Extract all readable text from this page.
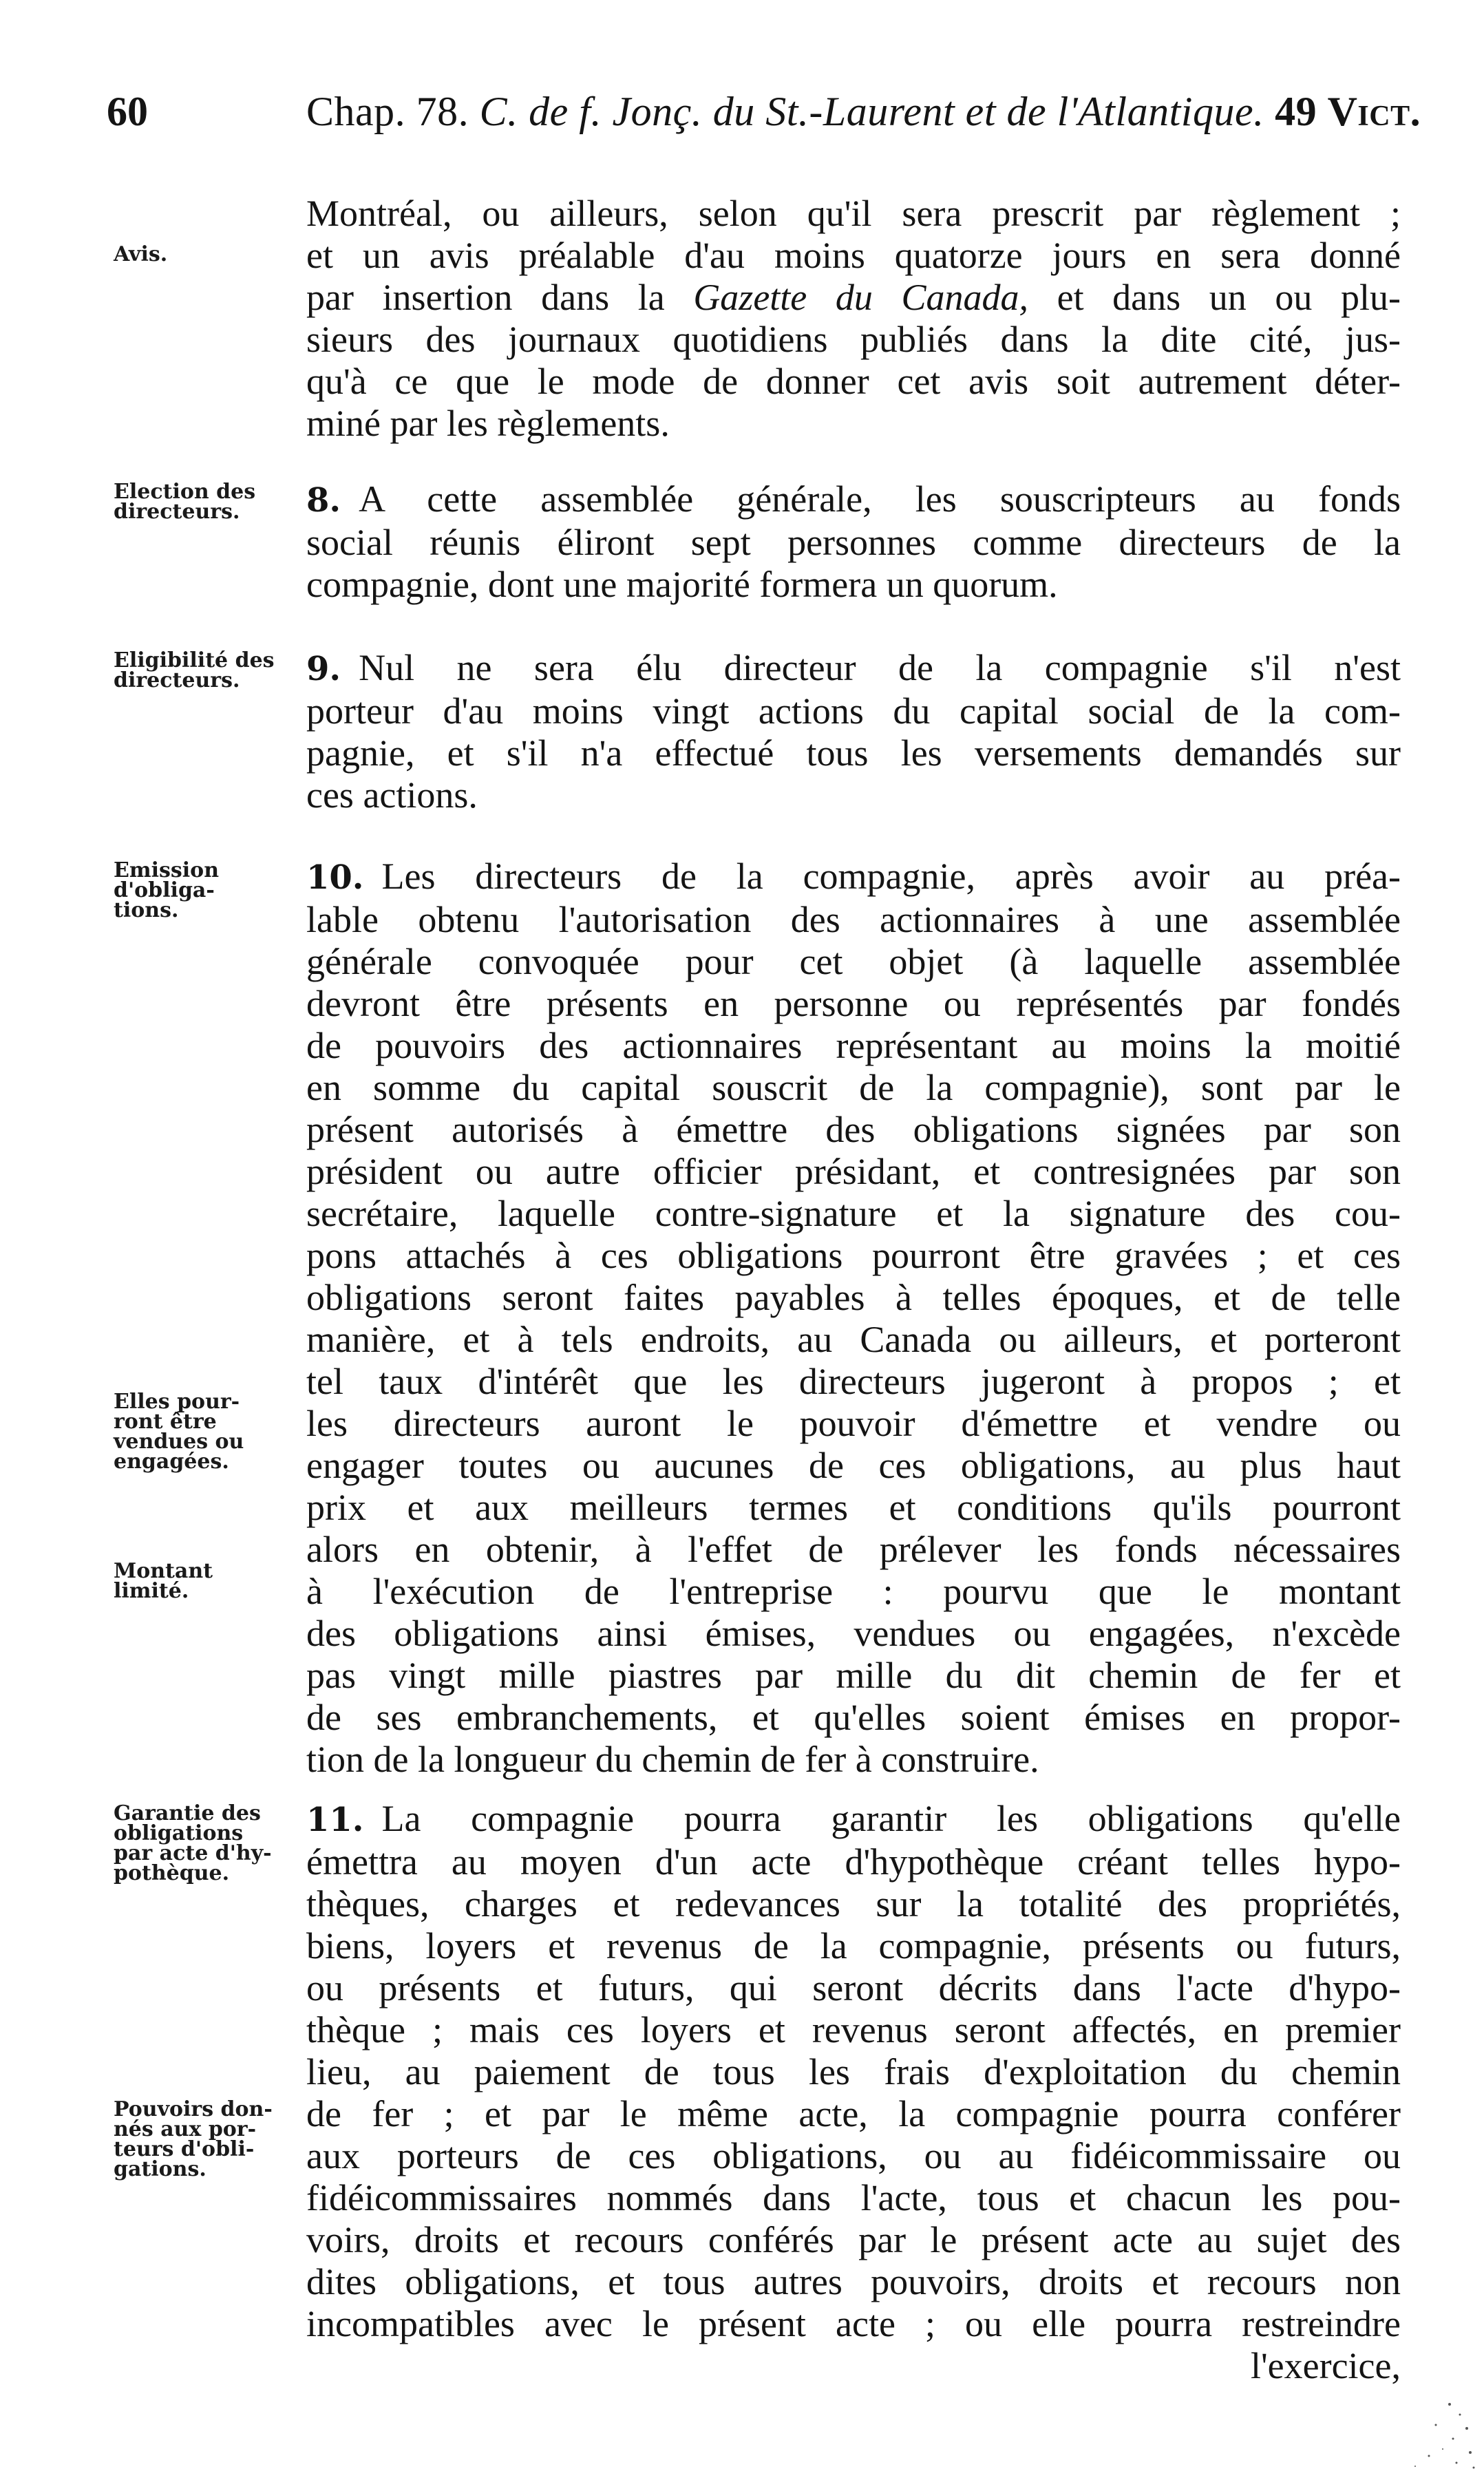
60	Chap. 78. C. de f. Jonç. du St.-Laurent et de l'Atlantique. 49 Vict.
Avis.
Election des
directeurs.
Eligibilité des
directeurs.
Emission
d'obliga-
tions.
Elles pour-
ront être
vendues ou
engagées.
Montant
limité.
Garantie des
obligations
par acte d'hy-
pothèque.
Pouvoirs don-
nés aux por-
teurs d'obli-
gations.

Montréal, ou ailleurs, selon qu'il sera prescrit par règlement ;

et un avis préalable d'au moins quatorze jours en sera donné

par insertion dans la Gazette du Canada, et dans un ou plu-

sieurs des journaux quotidiens publiés dans la dite cité, jus-

qu'à ce que le mode de donner cet avis soit autrement déter-

miné par les règlements.

8. A cette assemblée générale, les souscripteurs au fonds

social réunis éliront sept personnes comme directeurs de la

compagnie, dont une majorité formera un quorum.

9. Nul ne sera élu directeur de la compagnie s'il n'est

porteur d'au moins vingt actions du capital social de la com-

pagnie, et s'il n'a effectué tous les versements demandés sur

ces actions.

10. Les directeurs de la compagnie, après avoir au préa-

lable obtenu l'autorisation des actionnaires à une assemblée

générale convoquée pour cet objet (à laquelle assemblée

devront être présents en personne ou représentés par fondés

de pouvoirs des actionnaires représentant au moins la moitié

en somme du capital souscrit de la compagnie), sont par le

présent autorisés à émettre des obligations signées par son

président ou autre officier présidant, et contresignées par son

secrétaire, laquelle contre-signature et la signature des cou-

pons attachés à ces obligations pourront être gravées ; et ces

obligations seront faites payables à telles époques, et de telle

manière, et à tels endroits, au Canada ou ailleurs, et porteront

tel taux d'intérêt que les directeurs jugeront à propos ; et

les directeurs auront le pouvoir d'émettre et vendre ou

engager toutes ou aucunes de ces obligations, au plus haut

prix et aux meilleurs termes et conditions qu'ils pourront

alors en obtenir, à l'effet de prélever les fonds nécessaires

à l'exécution de l'entreprise : pourvu que le montant

des obligations ainsi émises, vendues ou engagées, n'excède

pas vingt mille piastres par mille du dit chemin de fer et

de ses embranchements, et qu'elles soient émises en propor-

tion de la longueur du chemin de fer à construire.

11. La compagnie pourra garantir les obligations qu'elle

émettra au moyen d'un acte d'hypothèque créant telles hypo-

thèques, charges et redevances sur la totalité des propriétés,

biens, loyers et revenus de la compagnie, présents ou futurs,

ou présents et futurs, qui seront décrits dans l'acte d'hypo-

thèque ; mais ces loyers et revenus seront affectés, en premier

lieu, au paiement de tous les frais d'exploitation du chemin

de fer ; et par le même acte, la compagnie pourra conférer

aux porteurs de ces obligations, ou au fidéicommissaire ou

fidéicommissaires nommés dans l'acte, tous et chacun les pou-

voirs, droits et recours conférés par le présent acte au sujet des

dites obligations, et tous autres pouvoirs, droits et recours non

incompatibles avec le présent acte ; ou elle pourra restreindre

l'exercice,
